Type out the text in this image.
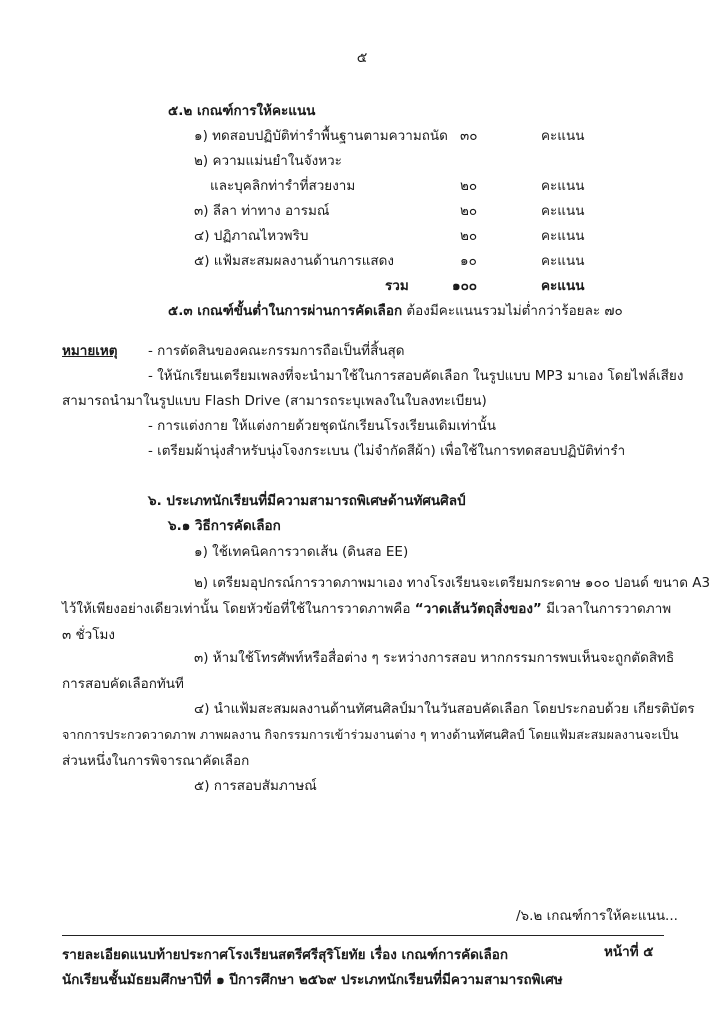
๕
๕.๒ เกณฑ์การให้คะแนน
๑) ทดสอบปฏิบัติท่ารำพื้นฐานตามความถนัด ๓๐	คะแนน
๒) ความแม่นยำในจังหวะ
และบุคลิกท่ารำที่สวยงาม	๒๐	คะแนน
๓) ลีลา ท่าทาง อารมณ์	๒๐	คะแนน
๔) ปฏิภาณไหวพริบ	๒๐	คะแนน
๕) แฟ้มสะสมผลงานด้านการแสดง	๑๐	คะแนน
รวม	๑๐๐	คะแนน
๕.๓ เกณฑ์ขั้นต่ำในการผ่านการคัดเลือก ต้องมีคะแนนรวมไม่ต่ำกว่าร้อยละ ๗๐
หมายเหตุ - การตัดสินของคณะกรรมการถือเป็นที่สิ้นสุด
- ให้นักเรียนเตรียมเพลงที่จะนำมาใช้ในการสอบคัดเลือก ในรูปแบบ MP3 มาเอง โดยไฟล์เสียง
สามารถนำมาในรูปแบบ Flash Drive (สามารถระบุเพลงในใบลงทะเบียน)
- การแต่งกาย ให้แต่งกายด้วยชุดนักเรียนโรงเรียนเดิมเท่านั้น
- เตรียมผ้านุ่งสำหรับนุ่งโจงกระเบน (ไม่จำกัดสีผ้า) เพื่อใช้ในการทดสอบปฏิบัติท่ารำ
๖. ประเภทนักเรียนที่มีความสามารถพิเศษด้านทัศนศิลป์
๖.๑ วิธีการคัดเลือก
๑) ใช้เทคนิคการวาดเส้น (ดินสอ EE)
๒) เตรียมอุปกรณ์การวาดภาพมาเอง ทางโรงเรียนจะเตรียมกระดาษ ๑๐๐ ปอนด์ ขนาด A3
ไว้ให้เพียงอย่างเดียวเท่านั้น โดยหัวข้อที่ใช้ในการวาดภาพคือ “วาดเส้นวัตถุสิ่งของ” มีเวลาในการวาดภาพ
๓ ชั่วโมง
๓) ห้ามใช้โทรศัพท์หรือสื่อต่าง ๆ ระหว่างการสอบ หากกรรมการพบเห็นจะถูกตัดสิทธิ
การสอบคัดเลือกทันที
๔) นำแฟ้มสะสมผลงานด้านทัศนศิลป์มาในวันสอบคัดเลือก โดยประกอบด้วย เกียรติบัตร
จากการประกวดวาดภาพ ภาพผลงาน กิจกรรมการเข้าร่วมงานต่าง ๆ ทางด้านทัศนศิลป์ โดยแฟ้มสะสมผลงานจะเป็น
ส่วนหนึ่งในการพิจารณาคัดเลือก
๕) การสอบสัมภาษณ์
/๖.๒ เกณฑ์การให้คะแนน...
รายละเอียดแนบท้ายประกาศโรงเรียนสตรีศรีสุริโยทัย เรื่อง เกณฑ์การคัดเลือก	หน้าที่ ๕
นักเรียนชั้นมัธยมศึกษาปีที่ ๑ ปีการศึกษา ๒๕๖๙ ประเภทนักเรียนที่มีความสามารถพิเศษ
